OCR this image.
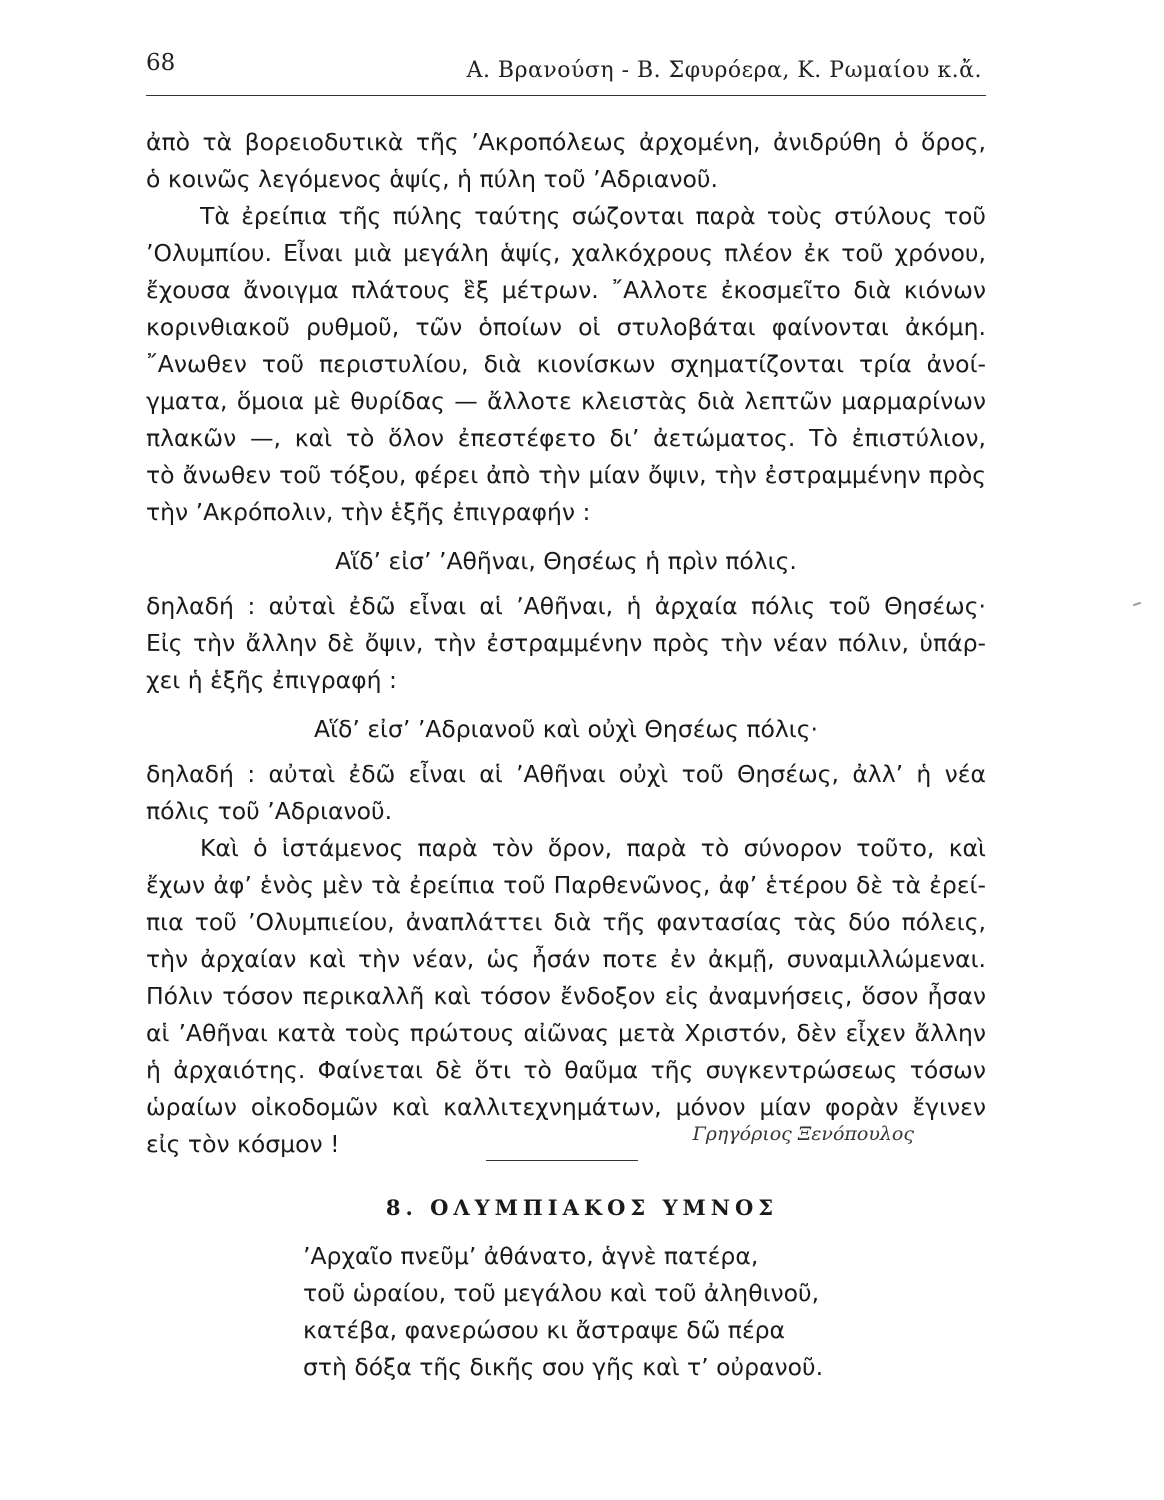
68	Α. Βρανούση - Β. Σφυρόερα, Κ. Ρωμαίου κ.ἄ.
ἀπὸ τὰ βορειοδυτικὰ τῆς ’Ακροπόλεως ἀρχομένη, ἀνιδρύθη ὁ ὅρος,
ὁ κοινῶς λεγόμενος ἁψίς, ἡ πύλη τοῦ ’Αδριανοῦ.
Τὰ ἐρείπια τῆς πύλης ταύτης σώζονται παρὰ τοὺς στύλους τοῦ
’Ολυμπίου. Εἶναι μιὰ μεγάλη ἁψίς, χαλκόχρους πλέον ἐκ τοῦ χρόνου,
ἔχουσα ἄνοιγμα πλάτους ἓξ μέτρων. ῎Αλλοτε ἐκοσμεῖτο διὰ κιόνων
κορινθιακοῦ ρυθμοῦ, τῶν ὁποίων οἱ στυλοβάται φαίνονται ἀκόμη.
῎Ανωθεν τοῦ περιστυλίου, διὰ κιονίσκων σχηματίζονται τρία ἀνοί-
γματα, ὅμοια μὲ θυρίδας — ἄλλοτε κλειστὰς διὰ λεπτῶν μαρμαρίνων
πλακῶν —, καὶ τὸ ὅλον ἐπεστέφετο δι’ ἀετώματος. Τὸ ἐπιστύλιον,
τὸ ἄνωθεν τοῦ τόξου, φέρει ἀπὸ τὴν μίαν ὄψιν, τὴν ἐστραμμένην πρὸς
τὴν ’Ακρόπολιν, τὴν ἑξῆς ἐπιγραφήν :
Αἵδ’ εἰσ’ ’Αθῆναι, Θησέως ἡ πρὶν πόλις.
δηλαδή : αὐταὶ ἐδῶ εἶναι αἱ ’Αθῆναι, ἡ ἀρχαία πόλις τοῦ Θησέως·
Εἰς τὴν ἄλλην δὲ ὄψιν, τὴν ἐστραμμένην πρὸς τὴν νέαν πόλιν, ὑπάρ-
χει ἡ ἑξῆς ἐπιγραφή :
Αἵδ’ εἰσ’ ’Αδριανοῦ καὶ οὐχὶ Θησέως πόλις·
δηλαδή : αὐταὶ ἐδῶ εἶναι αἱ ’Αθῆναι οὐχὶ τοῦ Θησέως, ἀλλ’ ἡ νέα
πόλις τοῦ ’Αδριανοῦ.
Καὶ ὁ ἱστάμενος παρὰ τὸν ὅρον, παρὰ τὸ σύνορον τοῦτο, καὶ
ἔχων ἀφ’ ἑνὸς μὲν τὰ ἐρείπια τοῦ Παρθενῶνος, ἀφ’ ἑτέρου δὲ τὰ ἐρεί-
πια τοῦ ’Ολυμπιείου, ἀναπλάττει διὰ τῆς φαντασίας τὰς δύο πόλεις,
τὴν ἀρχαίαν καὶ τὴν νέαν, ὡς ἦσάν ποτε ἐν ἀκμῇ, συναμιλλώμεναι.
Πόλιν τόσον περικαλλῆ καὶ τόσον ἔνδοξον εἰς ἀναμνήσεις, ὅσον ἦσαν
αἱ ’Αθῆναι κατὰ τοὺς πρώτους αἰῶνας μετὰ Χριστόν, δὲν εἶχεν ἄλλην
ἡ ἀρχαιότης. Φαίνεται δὲ ὅτι τὸ θαῦμα τῆς συγκεντρώσεως τόσων
ὡραίων οἰκοδομῶν καὶ καλλιτεχνημάτων, μόνον μίαν φορὰν ἔγινεν
εἰς τὸν κόσμον !	Γρηγόριος Ξενόπουλος
8. ΟΛΥΜΠΙΑΚΟΣ ΥΜΝΟΣ
’Αρχαῖο πνεῦμ’ ἀθάνατο, ἁγνὲ πατέρα,
τοῦ ὡραίου, τοῦ μεγάλου καὶ τοῦ ἀληθινοῦ,
κατέβα, φανερώσου κι ἄστραψε δῶ πέρα
στὴ δόξα τῆς δικῆς σου γῆς καὶ τ’ οὐρανοῦ.
